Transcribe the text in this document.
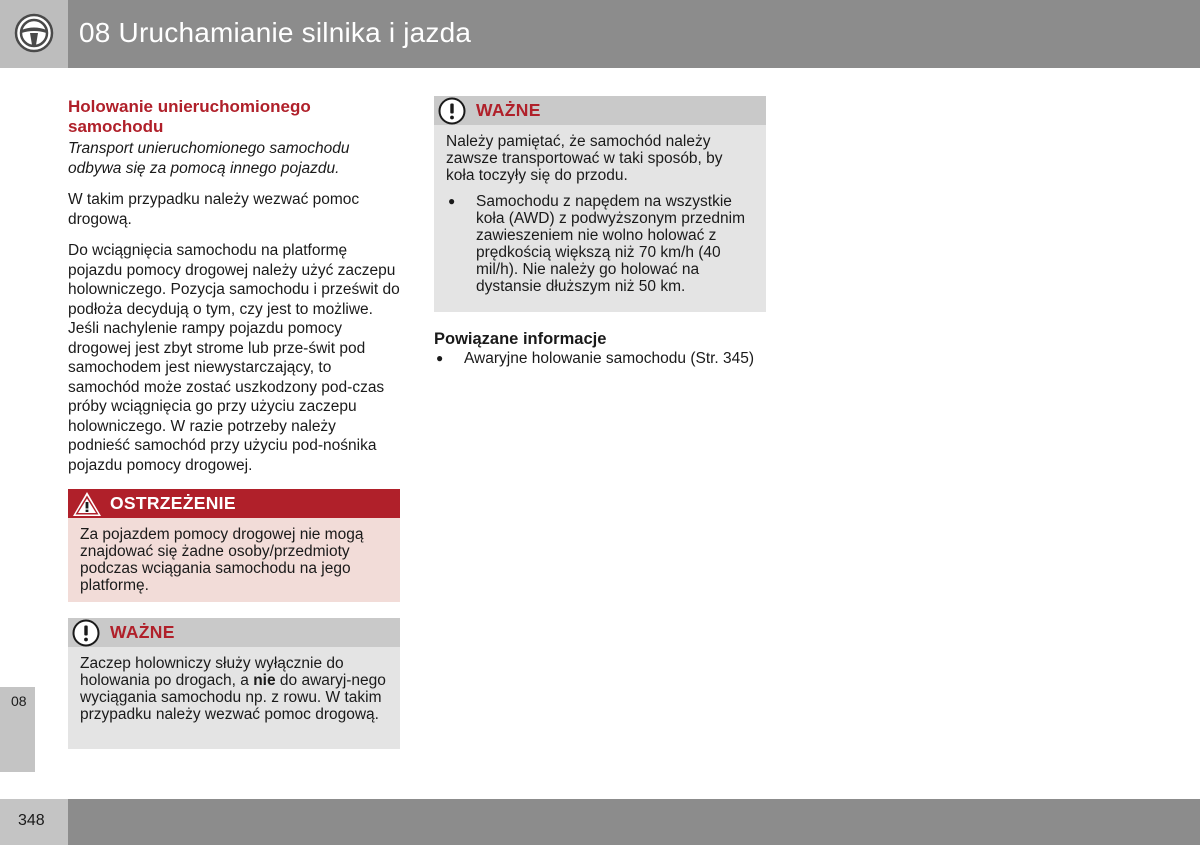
08 Uruchamianie silnika i jazda
Holowanie unieruchomionego samochodu

Transport unieruchomionego samochodu odbywa się za pomocą innego pojazdu.

W takim przypadku należy wezwać pomoc drogową.

Do wciągnięcia samochodu na platformę pojazdu pomocy drogowej należy użyć zaczepu holowniczego. Pozycja samochodu i prześwit do podłoża decydują o tym, czy jest to możliwe. Jeśli nachylenie rampy pojazdu pomocy drogowej jest zbyt strome lub prze-świt pod samochodem jest niewystarczający, to samochód może zostać uszkodzony pod-czas próby wciągnięcia go przy użyciu zaczepu holowniczego. W razie potrzeby należy podnieść samochód przy użyciu pod-nośnika pojazdu pomocy drogowej.

OSTRZEŻENIE
Za pojazdem pomocy drogowej nie mogą znajdować się żadne osoby/przedmioty podczas wciągania samochodu na jego platformę.
WAŻNE
Zaczep holowniczy służy wyłącznie do holowania po drogach, a nie do awaryj-nego wyciągania samochodu np. z rowu. W takim przypadku należy wezwać pomoc drogową.
WAŻNE
Należy pamiętać, że samochód należy zawsze transportować w taki sposób, by koła toczyły się do przodu.
●	Samochodu z napędem na wszystkie koła (AWD) z podwyższonym przednim zawieszeniem nie wolno holować z prędkością większą niż 70 km/h (40 mil/h). Nie należy go holować na dystansie dłuższym niż 50 km.
Powiązane informacje
●	Awaryjne holowanie samochodu (Str. 345)
08
348
